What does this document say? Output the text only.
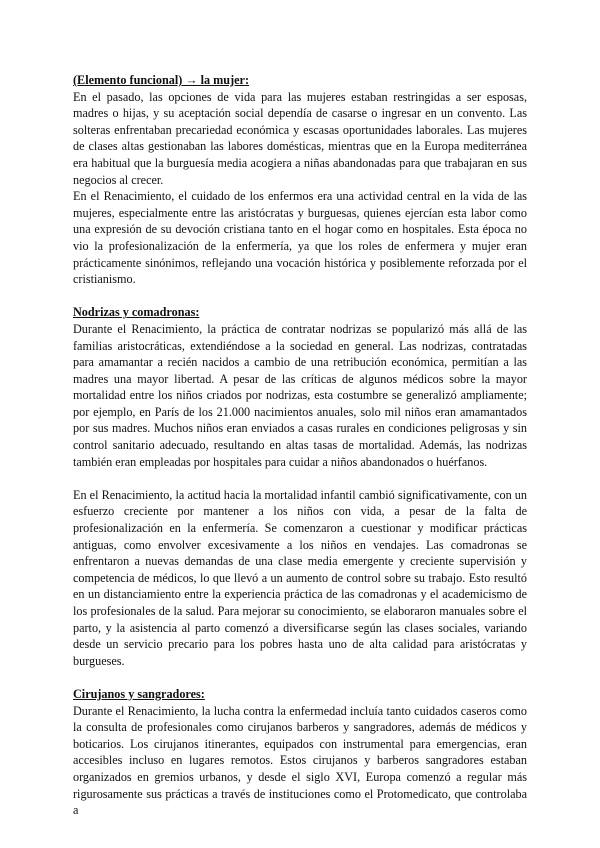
(Elemento funcional) → la mujer:

En el pasado, las opciones de vida para las mujeres estaban restringidas a ser esposas, madres o hijas, y su aceptación social dependía de casarse o ingresar en un convento. Las solteras enfrentaban precariedad económica y escasas oportunidades laborales. Las mujeres de clases altas gestionaban las labores domésticas, mientras que en la Europa mediterránea era habitual que la burguesía media acogiera a niñas abandonadas para que trabajaran en sus negocios al crecer.

En el Renacimiento, el cuidado de los enfermos era una actividad central en la vida de las mujeres, especialmente entre las aristócratas y burguesas, quienes ejercían esta labor como una expresión de su devoción cristiana tanto en el hogar como en hospitales. Esta época no vio la profesionalización de la enfermería, ya que los roles de enfermera y mujer eran prácticamente sinónimos, reflejando una vocación histórica y posiblemente reforzada por el cristianismo.

Nodrizas y comadronas:

Durante el Renacimiento, la práctica de contratar nodrizas se popularizó más allá de las familias aristocráticas, extendiéndose a la sociedad en general. Las nodrizas, contratadas para amamantar a recién nacidos a cambio de una retribución económica, permitían a las madres una mayor libertad. A pesar de las críticas de algunos médicos sobre la mayor mortalidad entre los niños criados por nodrizas, esta costumbre se generalizó ampliamente; por ejemplo, en París de los 21.000 nacimientos anuales, solo mil niños eran amamantados por sus madres. Muchos niños eran enviados a casas rurales en condiciones peligrosas y sin control sanitario adecuado, resultando en altas tasas de mortalidad. Además, las nodrizas también eran empleadas por hospitales para cuidar a niños abandonados o huérfanos.

En el Renacimiento, la actitud hacia la mortalidad infantil cambió significativamente, con un esfuerzo creciente por mantener a los niños con vida, a pesar de la falta de profesionalización en la enfermería. Se comenzaron a cuestionar y modificar prácticas antiguas, como envolver excesivamente a los niños en vendajes. Las comadronas se enfrentaron a nuevas demandas de una clase media emergente y creciente supervisión y competencia de médicos, lo que llevó a un aumento de control sobre su trabajo. Esto resultó en un distanciamiento entre la experiencia práctica de las comadronas y el academicismo de los profesionales de la salud. Para mejorar su conocimiento, se elaboraron manuales sobre el parto, y la asistencia al parto comenzó a diversificarse según las clases sociales, variando desde un servicio precario para los pobres hasta uno de alta calidad para aristócratas y burgueses.

Cirujanos y sangradores:

Durante el Renacimiento, la lucha contra la enfermedad incluía tanto cuidados caseros como la consulta de profesionales como cirujanos barberos y sangradores, además de médicos y boticarios. Los cirujanos itinerantes, equipados con instrumental para emergencias, eran accesibles incluso en lugares remotos. Estos cirujanos y barberos sangradores estaban organizados en gremios urbanos, y desde el siglo XVI, Europa comenzó a regular más rigurosamente sus prácticas a través de instituciones como el Protomedicato, que controlaba a
